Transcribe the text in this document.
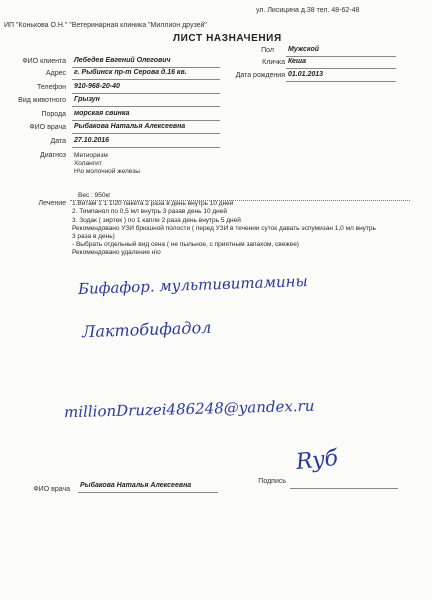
ИП "Конькова О.Н." "Ветеринарная клиника "Миллион друзей"
ул. Лисицина д.38 тел. 48-62-48
ЛИСТ НАЗНАЧЕНИЯ
ФИО клиента Лебедев Евгений Олегович
Адрес г. Рыбинск пр-т Серова д.16 кв.
Телефон 910-968-20-40
Вид животного Грызун
Порода морская свинка
ФИО врача Рыбакова Наталья Алексеевна
Дата 27.10.2016
Пол Мужской
Кличка Кеша
Дата рождения 01.01.2013
Диагноз Метиоризм
Холангит
Н\о молочной железы
Лечение
Вес : 950кг
1.Витам 1 1 1\20 пакета 2 раза в день внутрь 10 дней
2. Тимпанол по 0,5 мл внутрь 3 разав день 10 дней
3. Зодак ( зиртек ) по 1 капле 2 раза день внутрь 5 дней
Рекомендовано УЗИ брюшной полости ( перед УЗИ в течении суток давать эспумизан 1,0 мл внутрь
3 раза в день)
- Выбрать отдельный вид сена ( не пыльное, с приятным запахом, свежее)
Рекомендовано удаление н\о
Бифафор. мультивитамины
Лактобифадол
millionDruzei486248@yandex.ru
Ryб
ФИО врача
Рыбакова Наталья Алексеевна
Подпись
